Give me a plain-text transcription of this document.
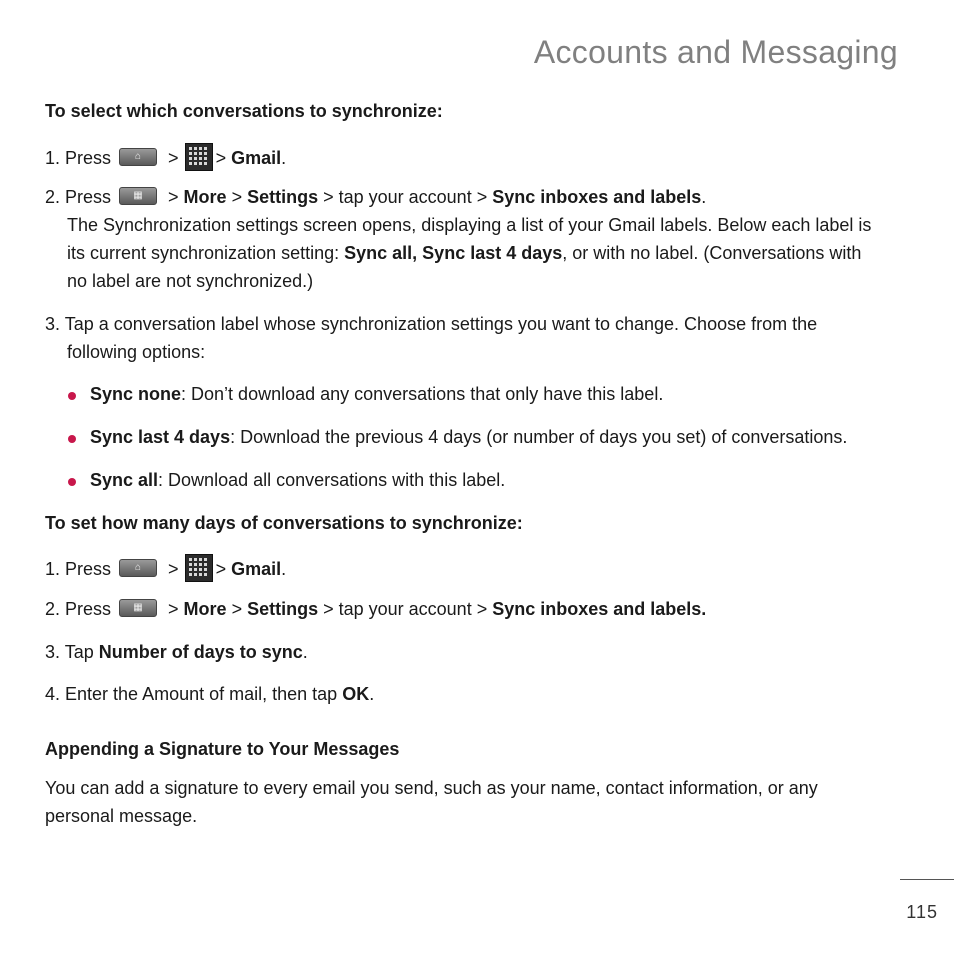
Accounts and Messaging
To select which conversations to synchronize:
1. Press	⌂	> > Gmail.
2. Press	▦	> More > Settings > tap your account > Sync inboxes and labels.
The Synchronization settings screen opens, displaying a list of your Gmail labels. Below each label is
its current synchronization setting: Sync all, Sync last 4 days, or with no label. (Conversations with
no label are not synchronized.)
3. Tap a conversation label whose synchronization settings you want to change. Choose from the
following options:
Sync none: Don’t download any conversations that only have this label.
Sync last 4 days: Download the previous 4 days (or number of days you set) of conversations.
Sync all: Download all conversations with this label.
To set how many days of conversations to synchronize:
1. Press	⌂	> > Gmail.
2. Press	▦	> More > Settings > tap your account > Sync inboxes and labels.
3. Tap Number of days to sync.
4. Enter the Amount of mail, then tap OK.
Appending a Signature to Your Messages
You can add a signature to every email you send, such as your name, contact information, or any
personal message.
115
